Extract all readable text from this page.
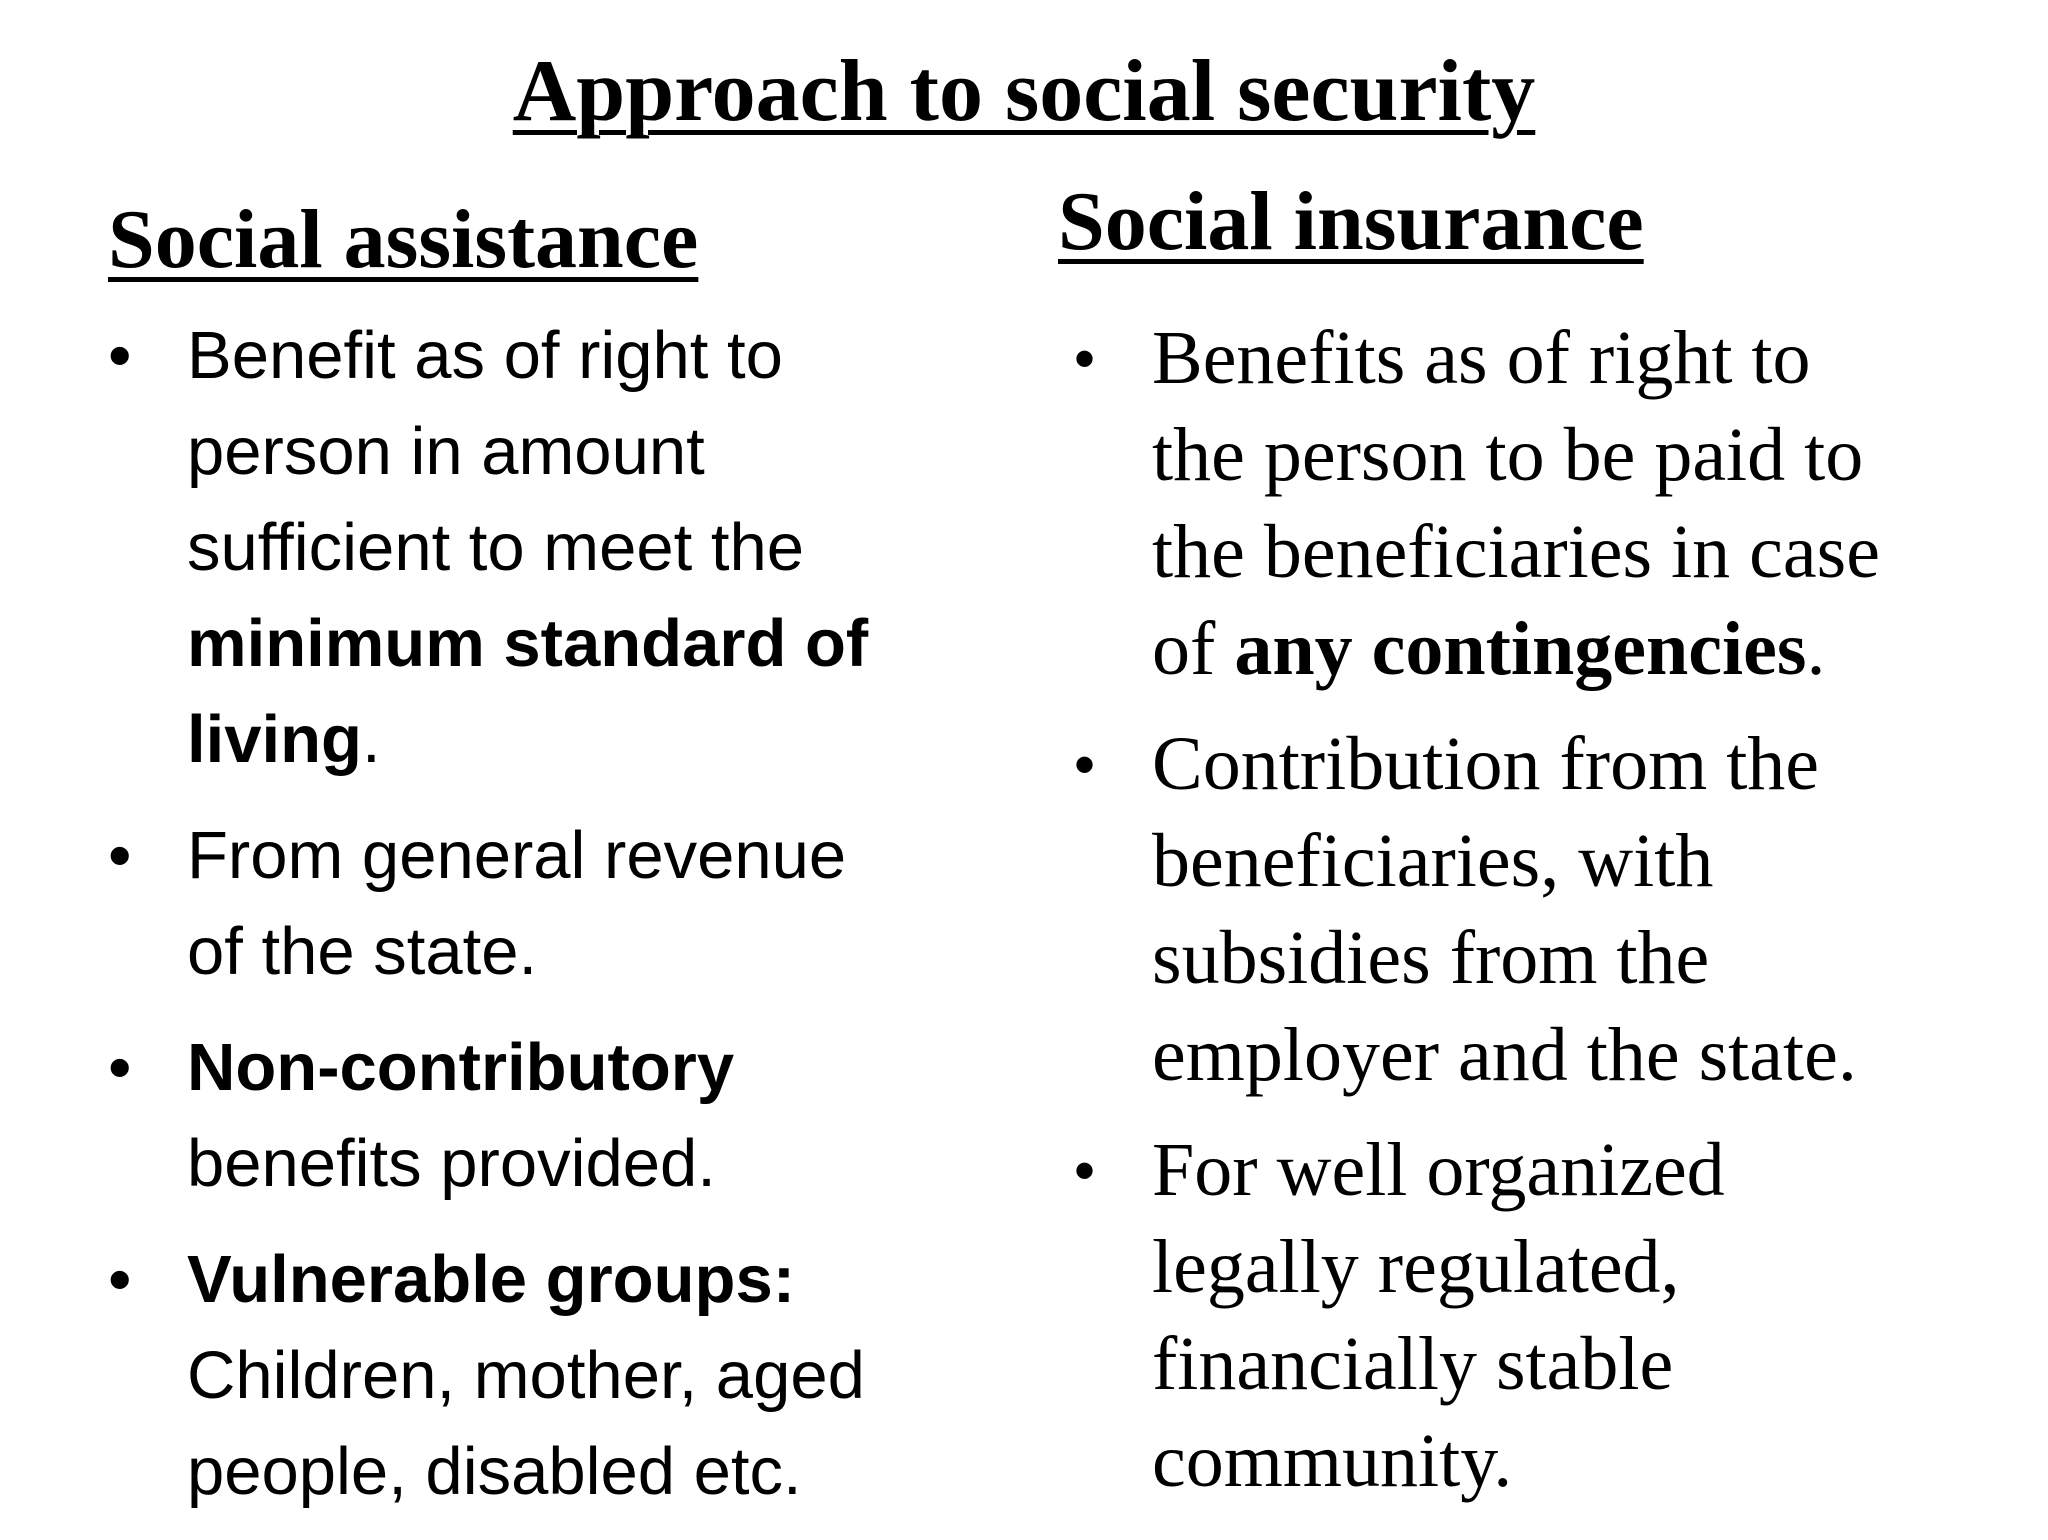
Approach to social security
Social assistance	Social insurance
• Benefit as of right to
person in amount
sufficient to meet the
minimum standard of
living.
• From general revenue
of the state.
• Non-contributory
benefits provided.
• Vulnerable groups:
Children, mother, aged
people, disabled etc.
• Benefits as of right to
the person to be paid to
the beneficiaries in case
of any contingencies.
• Contribution from the
beneficiaries, with
subsidies from the
employer and the state.
• For well organized
legally regulated,
financially stable
community.
